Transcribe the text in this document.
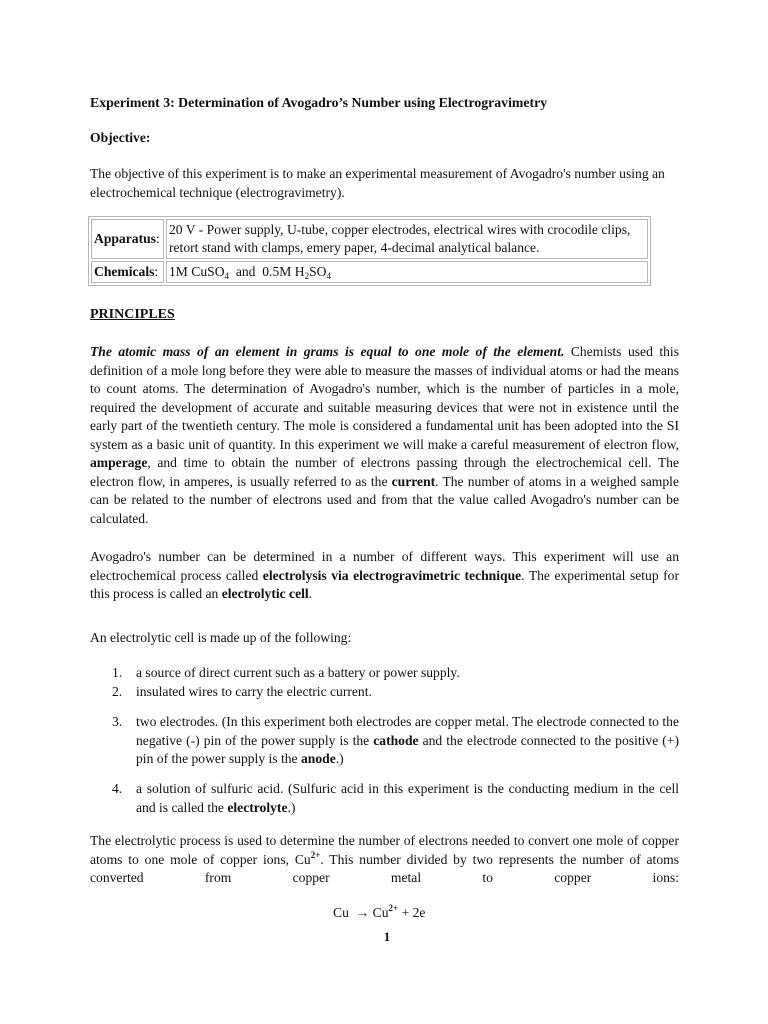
Experiment 3: Determination of Avogadro’s Number using Electrogravimetry
Objective:
The objective of this experiment is to make an experimental measurement of Avogadro's number using an electrochemical technique (electrogravimetry).
Apparatus:	20 V - Power supply, U-tube, copper electrodes, electrical wires with crocodile clips, retort stand with clamps, emery paper, 4-decimal analytical balance.
Chemicals:	1M CuSO$_4$  and  0.5M $H_2SO_4$
PRINCIPLES
The atomic mass of an element in grams is equal to one mole of the element. Chemists used this definition of a mole long before they were able to measure the masses of individual atoms or had the means to count atoms. The determination of Avogadro's number, which is the number of particles in a mole, required the development of accurate and suitable measuring devices that were not in existence until the early part of the twentieth century. The mole is considered a fundamental unit has been adopted into the SI system as a basic unit of quantity. In this experiment we will make a careful measurement of electron flow, amperage, and time to obtain the number of electrons passing through the electrochemical cell. The electron flow, in amperes, is usually referred to as the current. The number of atoms in a weighed sample can be related to the number of electrons used and from that the value called Avogadro's number can be calculated.
Avogadro's number can be determined in a number of different ways. This experiment will use an electrochemical process called electrolysis via electrogravimetric technique. The experimental setup for this process is called an electrolytic cell.
An electrolytic cell is made up of the following:
1. a source of direct current such as a battery or power supply.
2. insulated wires to carry the electric current.
3. two electrodes. (In this experiment both electrodes are copper metal. The electrode connected to the negative (-) pin of the power supply is the cathode and the electrode connected to the positive (+) pin of the power supply is the anode.)
4. a solution of sulfuric acid. (Sulfuric acid in this experiment is the conducting medium in the cell and is called the electrolyte.)
The electrolytic process is used to determine the number of electrons needed to convert one mole of copper atoms to one mole of copper ions, $Cu^{2+}$. This number divided by two represents the number of atoms converted from copper metal to copper ions:
$Cu \to Cu^{2+} + 2e$
1
